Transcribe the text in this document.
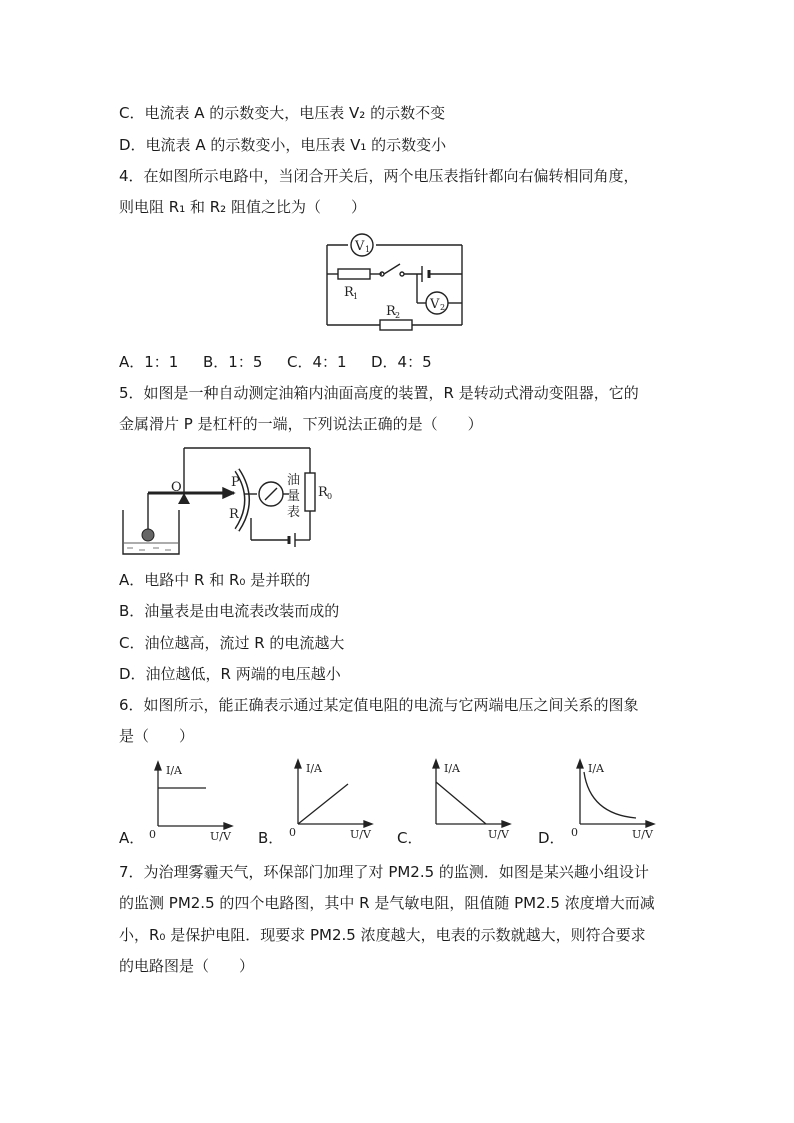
C．电流表 A 的示数变大，电压表 V₂ 的示数不变
D．电流表 A 的示数变小，电压表 V₁ 的示数变小
4．在如图所示电路中，当闭合开关后，两个电压表指针都向右偏转相同角度，
则电阻 R₁ 和 R₂ 阻值之比为（　　）
V 1
V 2
R 1
R 2
A．1：1 B．1：5 C．4：1 D．4：5
5．如图是一种自动测定油箱内油面高度的装置，R 是转动式滑动变阻器，它的
金属滑片 P 是杠杆的一端，下列说法正确的是（　　）
O	P
R
油
量
表
R 0
A．电路中 R 和 R₀ 是并联的
B．油量表是由电流表改装而成的
C．油位越高，流过 R 的电流越大
D．油位越低，R 两端的电压越小
6．如图所示，能正确表示通过某定值电阻的电流与它两端电压之间关系的图象
是（　　）
A．
I/A
0	U/V B．
I/A
0	U/V C．
I/A
U/V D．
I/A
0	U/V
7．为治理雾霾天气，环保部门加理了对 PM2.5 的监测．如图是某兴趣小组设计
的监测 PM2.5 的四个电路图，其中 R 是气敏电阻，阻值随 PM2.5 浓度增大而减
小，R₀ 是保护电阻．现要求 PM2.5 浓度越大，电表的示数就越大，则符合要求
的电路图是（　　）
